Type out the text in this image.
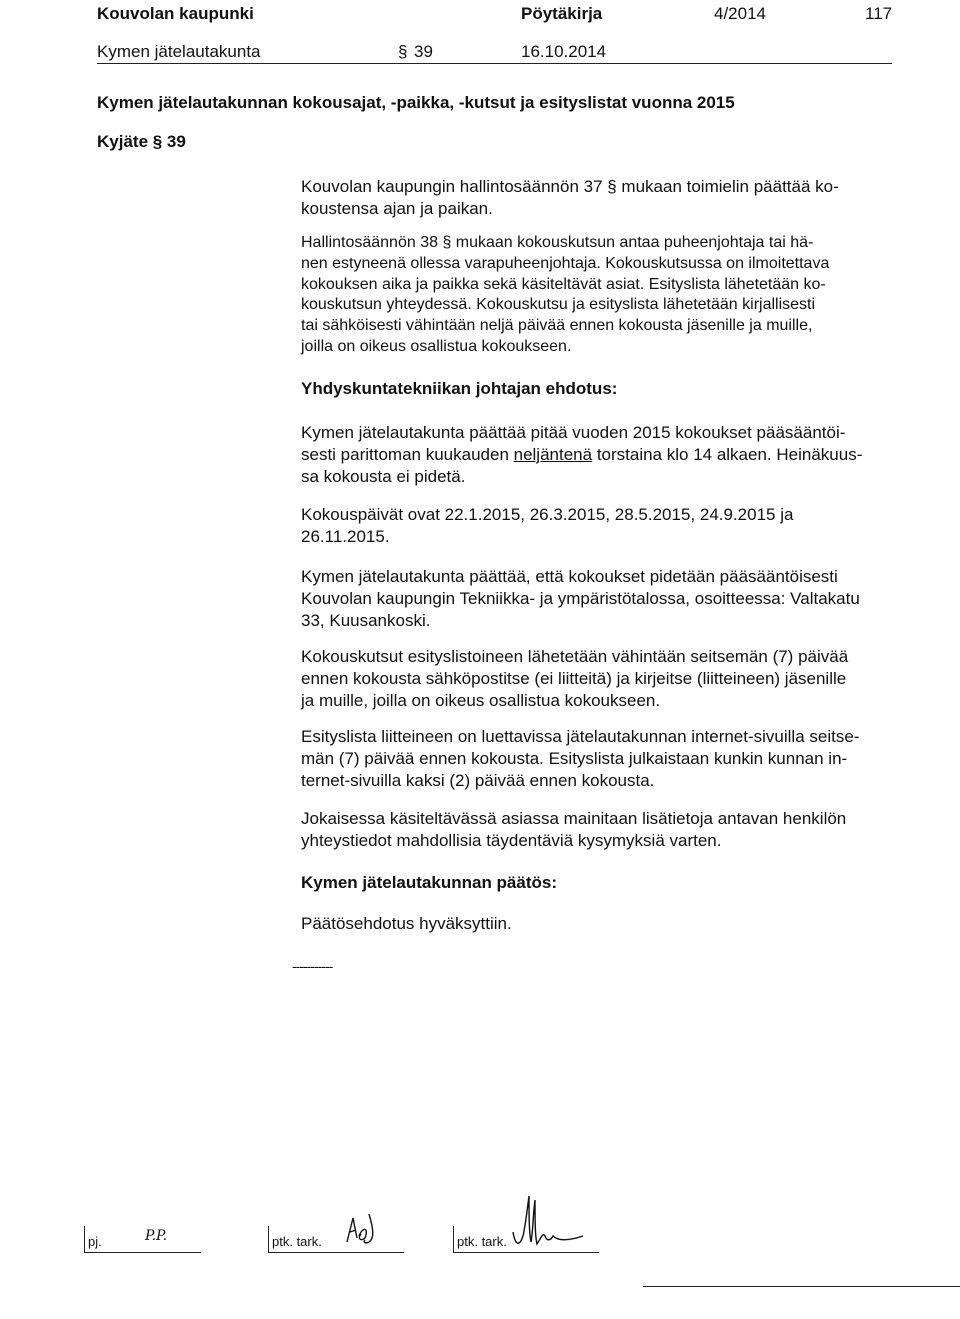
Kouvolan kaupunki	Pöytäkirja	4/2014	117
Kymen jätelautakunta	§ 39	16.10.2014
Kymen jätelautakunnan kokousajat, -paikka, -kutsut ja esityslistat vuonna 2015
Kyjäte § 39
Kouvolan kaupungin hallintosäännön 37 § mukaan toimielin päättää ko-
koustensa ajan ja paikan.
Hallintosäännön 38 § mukaan kokouskutsun antaa puheenjohtaja tai hä-
nen estyneenä ollessa varapuheenjohtaja. Kokouskutsussa on ilmoitettava
kokouksen aika ja paikka sekä käsiteltävät asiat. Esityslista lähetetään ko-
kouskutsun yhteydessä. Kokouskutsu ja esityslista lähetetään kirjallisesti
tai sähköisesti vähintään neljä päivää ennen kokousta jäsenille ja muille,
joilla on oikeus osallistua kokoukseen.
Yhdyskuntatekniikan johtajan ehdotus:
Kymen jätelautakunta päättää pitää vuoden 2015 kokoukset pääsääntöi-
sesti parittoman kuukauden neljäntenä torstaina klo 14 alkaen. Heinäkuus-
sa kokousta ei pidetä.
Kokouspäivät ovat 22.1.2015, 26.3.2015, 28.5.2015, 24.9.2015 ja
26.11.2015.
Kymen jätelautakunta päättää, että kokoukset pidetään pääsääntöisesti
Kouvolan kaupungin Tekniikka- ja ympäristötalossa, osoitteessa: Valtakatu
33, Kuusankoski.
Kokouskutsut esityslistoineen lähetetään vähintään seitsemän (7) päivää
ennen kokousta sähköpostitse (ei liitteitä) ja kirjeitse (liitteineen) jäsenille
ja muille, joilla on oikeus osallistua kokoukseen.
Esityslista liitteineen on luettavissa jätelautakunnan internet-sivuilla seitse-
män (7) päivää ennen kokousta. Esityslista julkaistaan kunkin kunnan in-
ternet-sivuilla kaksi (2) päivää ennen kokousta.
Jokaisessa käsiteltävässä asiassa mainitaan lisätietoja antavan henkilön
yhteystiedot mahdollisia täydentäviä kysymyksiä varten.
Kymen jätelautakunnan päätös:
Päätösehdotus hyväksyttiin.
-----------
pj.	P.P.	ptk. tark.	ptk. tark.
